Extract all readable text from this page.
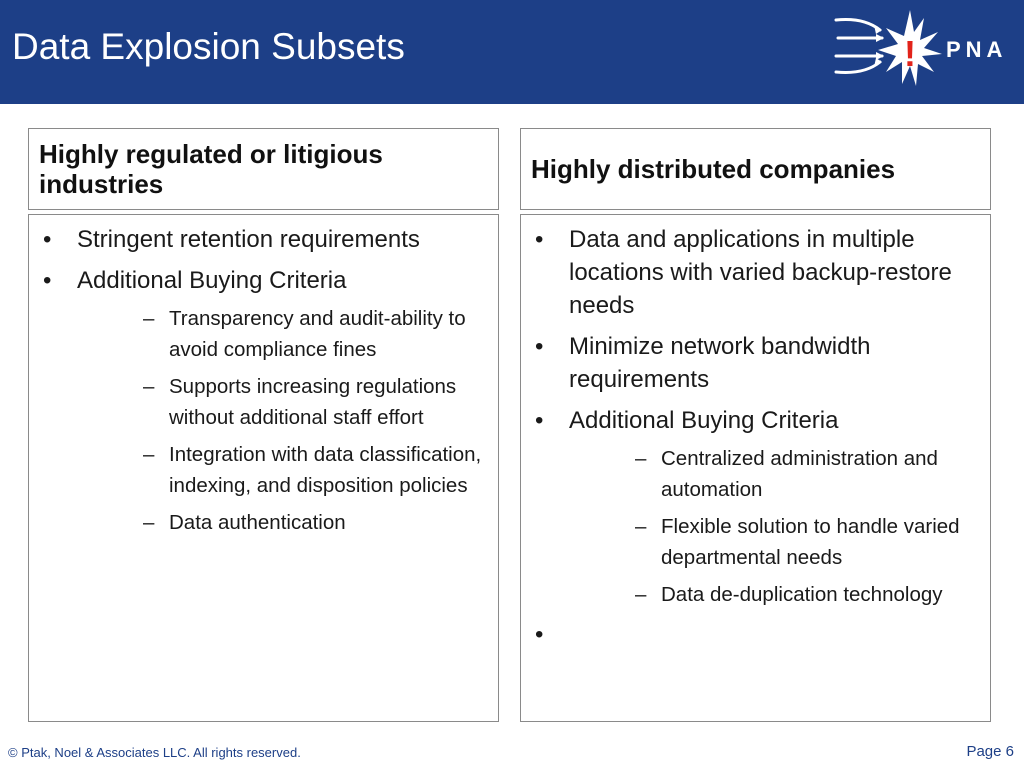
Data Explosion Subsets	! PNA
Highly regulated or litigious industries	Highly distributed companies
• Stringent retention requirements
• Additional Buying Criteria
– Transparency and audit-ability to avoid compliance fines
– Supports increasing regulations without additional staff effort
– Integration with data classification, indexing, and disposition policies
– Data authentication
• Data and applications in multiple locations with varied backup-restore needs
• Minimize network bandwidth requirements
• Additional Buying Criteria
– Centralized administration and automation
– Flexible solution to handle varied departmental needs
– Data de-duplication technology
•
© Ptak, Noel & Associates LLC. All rights reserved.	Page 6
